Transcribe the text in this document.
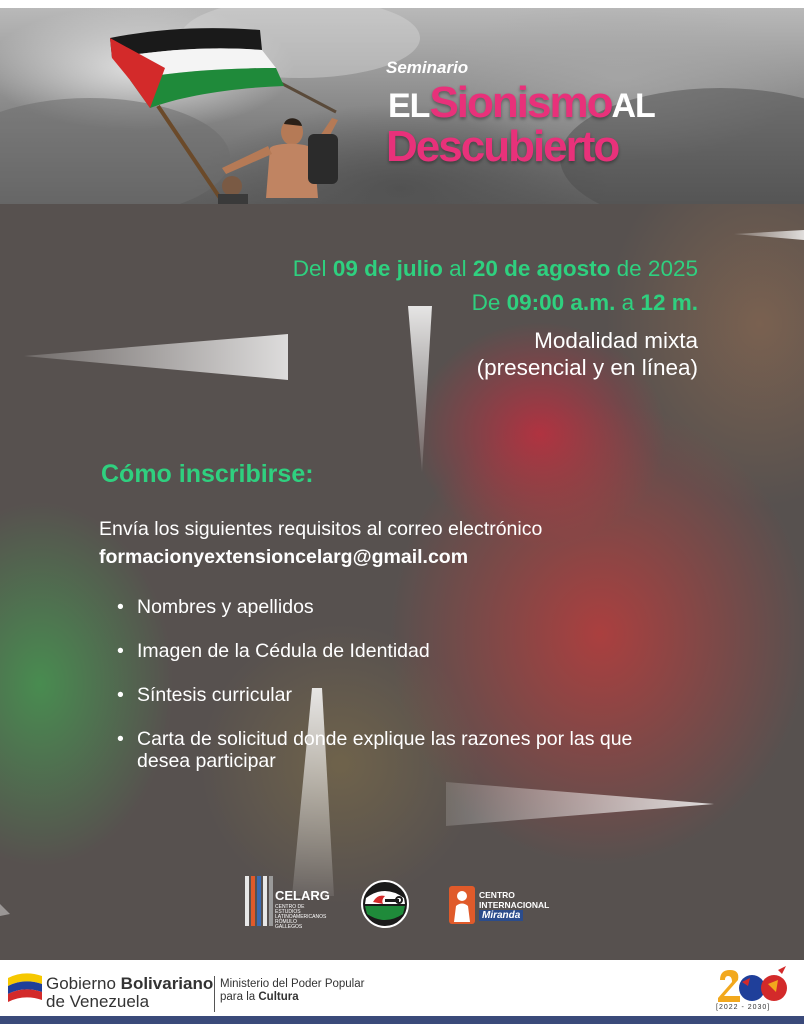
Seminario
ELSionismoAL
Descubierto
Del 09 de julio al 20 de agosto de 2025
De 09:00 a.m. a 12 m.
Modalidad mixta
(presencial y en línea)
Cómo inscribirse:
Envía los siguientes requisitos al correo electrónico
formacionyextensioncelarg@gmail.com
• Nombres y apellidos
• Imagen de la Cédula de Identidad
• Síntesis curricular
• Carta de solicitud donde explique las razones por las que desea participar
CELARG
CENTRO DE ESTUDIOS LATINOAMERICANOS RÓMULO GALLEGOS
CENTRO
INTERNACIONAL
Miranda
Gobierno Bolivariano
de Venezuela
Ministerio del Poder Popular
para la Cultura
[2022 - 2030]
